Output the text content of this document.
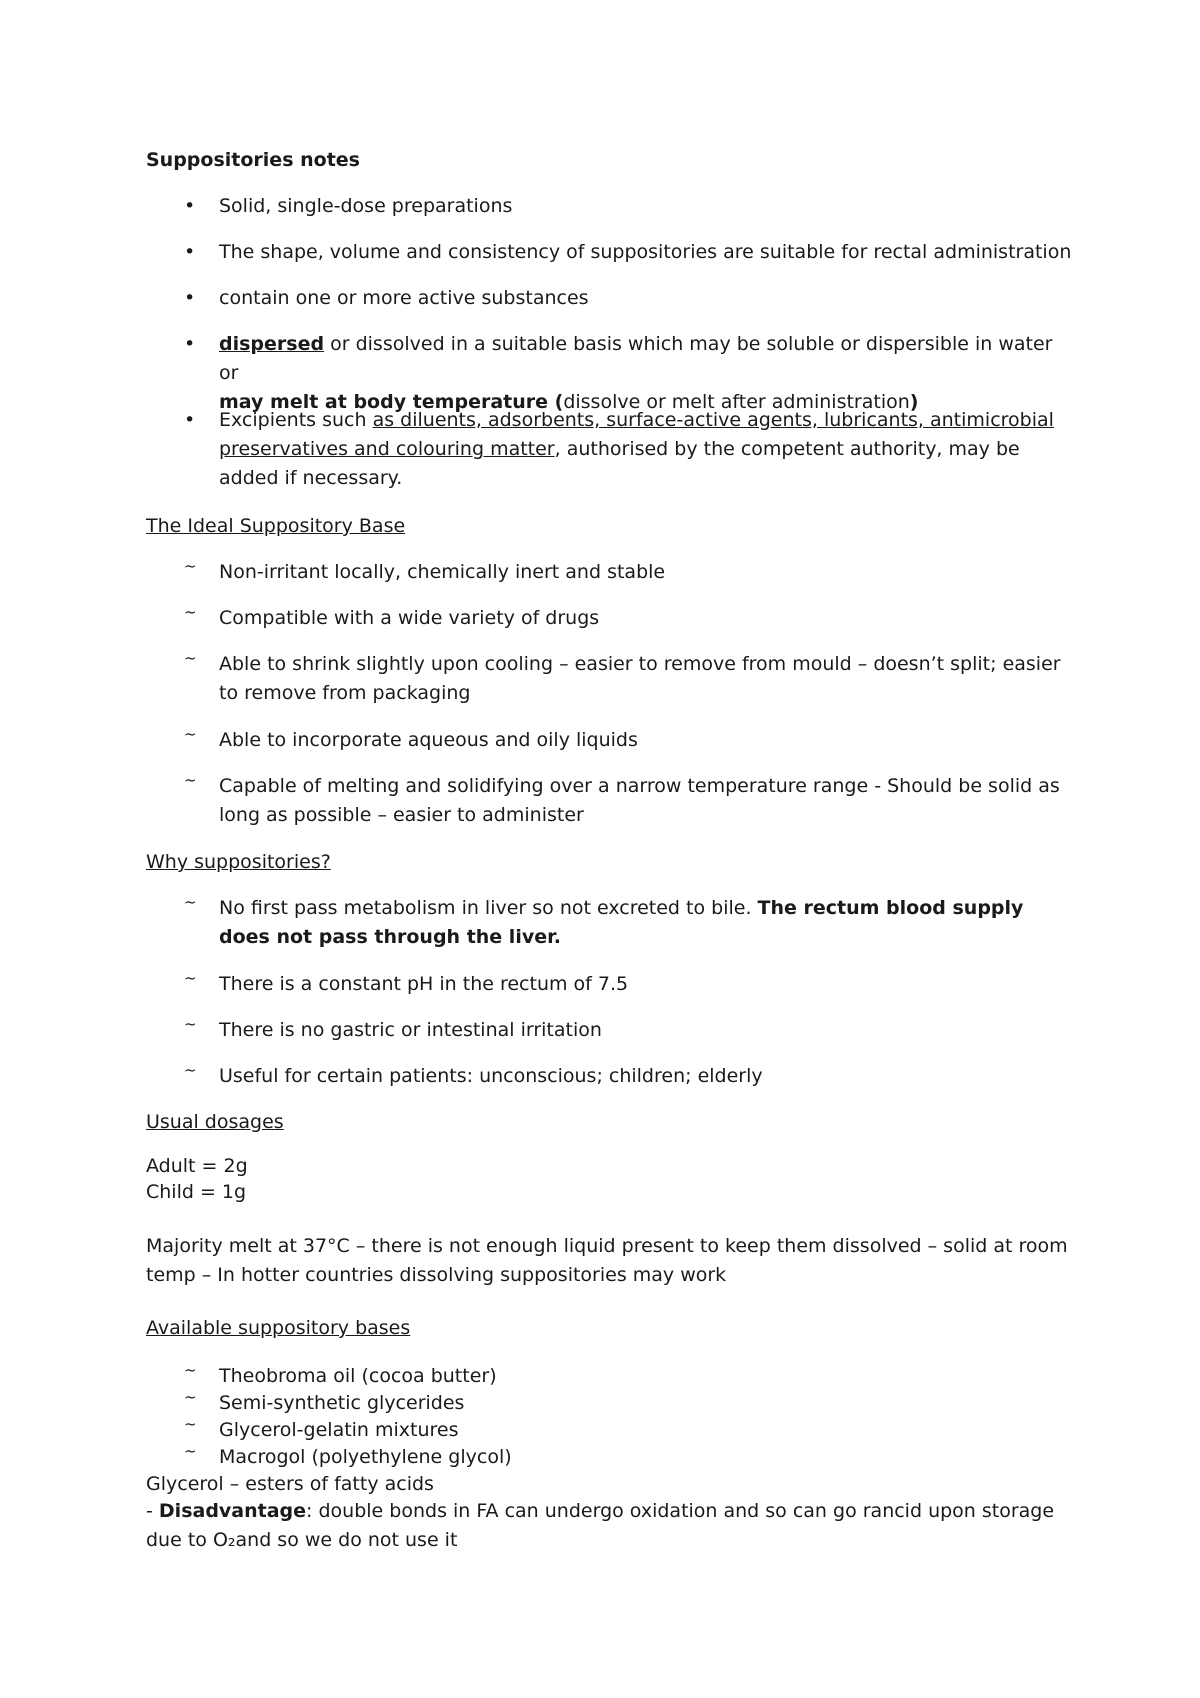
Suppositories notes
• Solid, single-dose preparations
• The shape, volume and consistency of suppositories are suitable for rectal administration
• contain one or more active substances
• dispersed or dissolved in a suitable basis which may be soluble or dispersible in water or
may melt at body temperature (dissolve or melt after administration)
• Excipients such as diluents, adsorbents, surface-active agents, lubricants, antimicrobial preservatives and colouring matter, authorised by the competent authority, may be added if necessary.
The Ideal Suppository Base
~ Non-irritant locally, chemically inert and stable
~ Compatible with a wide variety of drugs
~ Able to shrink slightly upon cooling – easier to remove from mould – doesn’t split; easier to remove from packaging
~ Able to incorporate aqueous and oily liquids
~ Capable of melting and solidifying over a narrow temperature range - Should be solid as long as possible – easier to administer
Why suppositories?
~ No first pass metabolism in liver so not excreted to bile. The rectum blood supply does not pass through the liver.
~ There is a constant pH in the rectum of 7.5
~ There is no gastric or intestinal irritation
~ Useful for certain patients: unconscious; children; elderly
Usual dosages
Adult = 2g
Child = 1g
Majority melt at 37°C – there is not enough liquid present to keep them dissolved – solid at room temp – In hotter countries dissolving suppositories may work
Available suppository bases
~ Theobroma oil (cocoa butter)
~ Semi-synthetic glycerides
~ Glycerol-gelatin mixtures
~ Macrogol (polyethylene glycol)
Glycerol – esters of fatty acids
- Disadvantage: double bonds in FA can undergo oxidation and so can go rancid upon storage due to O₂and so we do not use it
